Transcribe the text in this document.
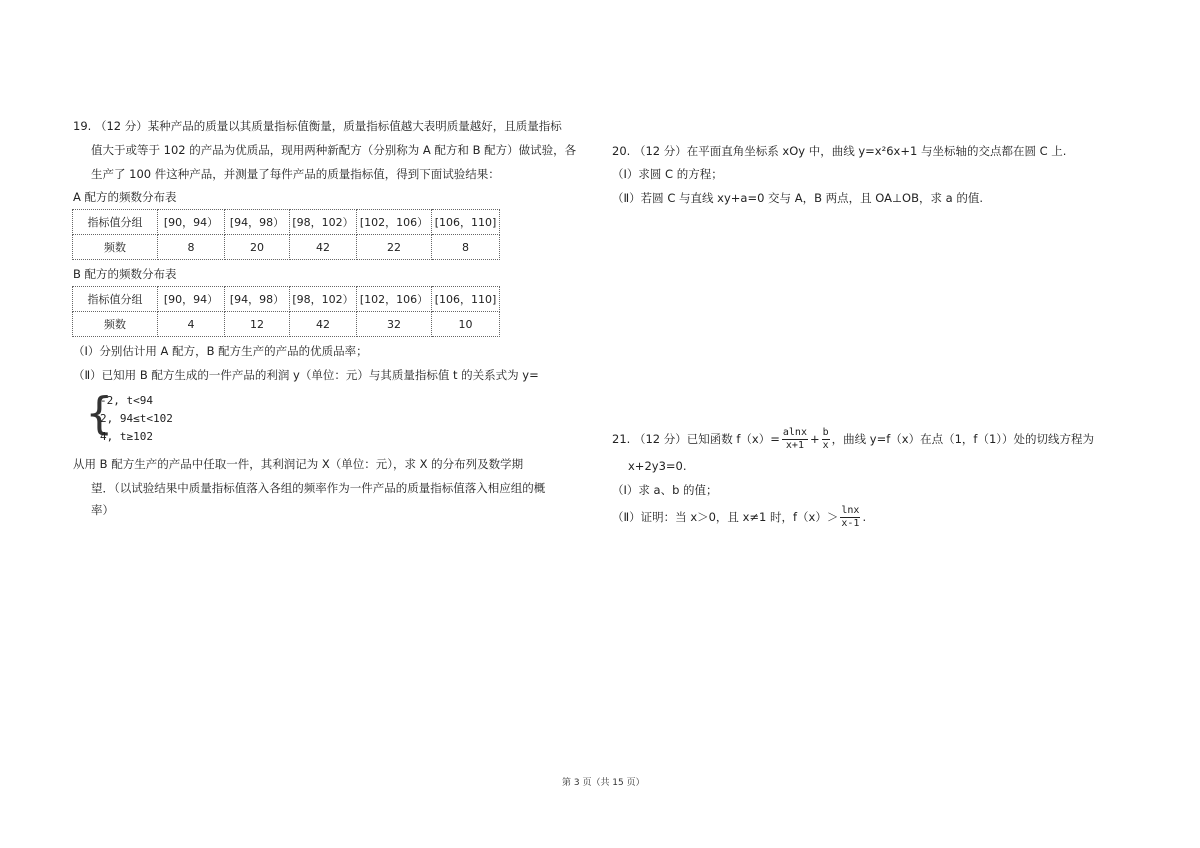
19. （12 分）某种产品的质量以其质量指标值衡量，质量指标值越大表明质量越好，且质量指标
值大于或等于 102 的产品为优质品，现用两种新配方（分别称为 A 配方和 B 配方）做试验，各
生产了 100 件这种产品，并测量了每件产品的质量指标值，得到下面试验结果：
A 配方的频数分布表
指标值分组	[90，94）	[94，98）	[98，102）	[102，106）	[106，110]
频数	8	20	42	22	8
B 配方的频数分布表
指标值分组	[90，94）	[94，98）	[98，102）	[102，106）	[106，110]
频数	4	12	42	32	10
（Ⅰ）分别估计用 A 配方，B 配方生产的产品的优质品率；
（Ⅱ）已知用 B 配方生成的一件产品的利润 y（单位：元）与其质量指标值 t 的关系式为 y=
{
-2, t<94
2, 94≤t<102
4, t≥102
从用 B 配方生产的产品中任取一件，其利润记为 X（单位：元），求 X 的分布列及数学期
望．（以试验结果中质量指标值落入各组的频率作为一件产品的质量指标值落入相应组的概
率）
20. （12 分）在平面直角坐标系 xOy 中，曲线 y=x²6x+1 与坐标轴的交点都在圆 C 上.
（Ⅰ）求圆 C 的方程；
（Ⅱ）若圆 C 与直线 xy+a=0 交与 A，B 两点，且 OA⊥OB，求 a 的值.
21. （12 分）已知函数 $f(x)= \frac{alnx}{x+1} + \frac{b}{x}$ ，曲线 y=f（x）在点（1，f（1））处的切线方程为
x+2y3=0.
（Ⅰ）求 a、b 的值；
（Ⅱ）证明：当 x＞0，且 x≠1 时，$f(x)> \frac{\ln x}{x-1}$ .
第 3 页（共 15 页）
